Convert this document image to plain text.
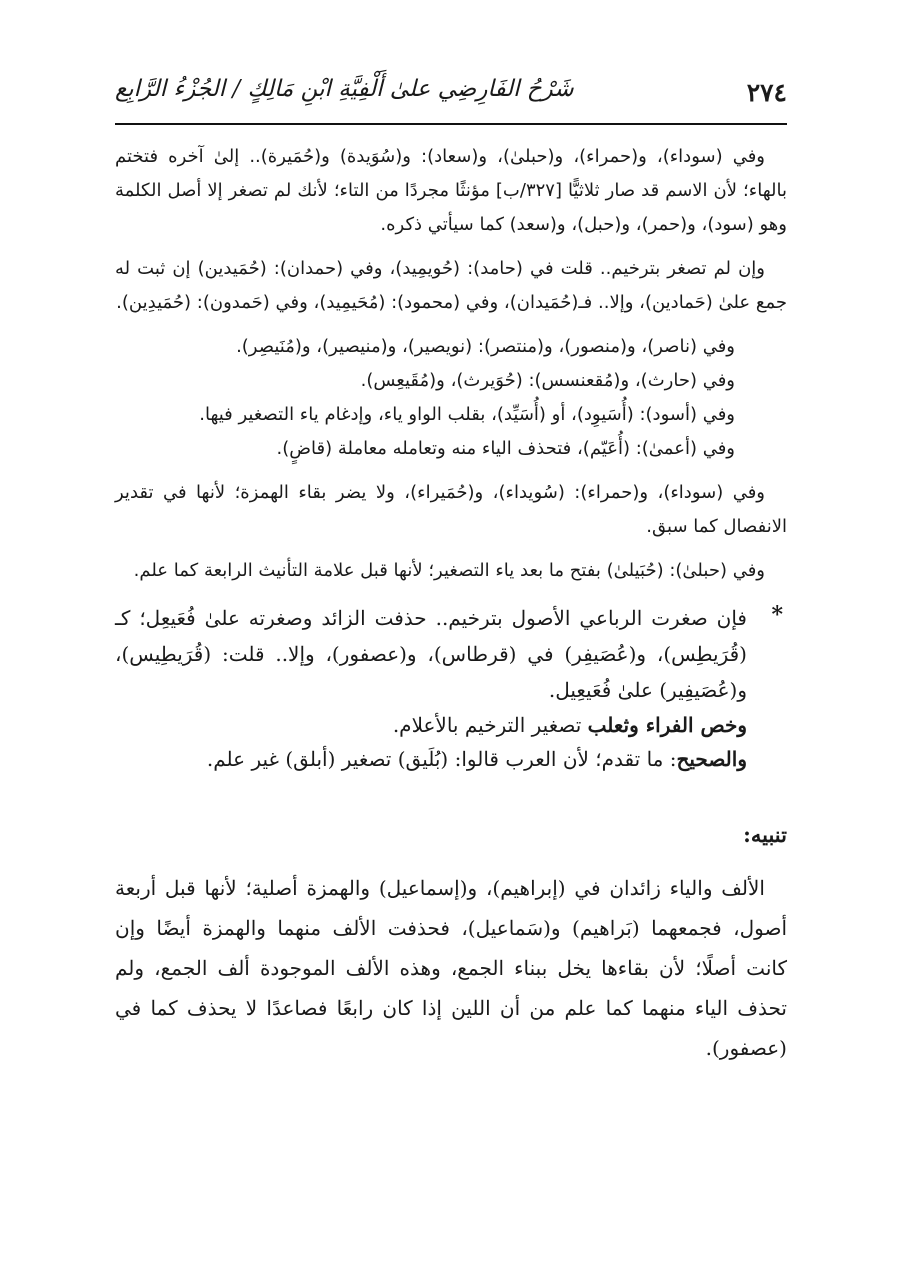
٢٧٤
شَرْحُ الفَارِضِي علىٰ أَلْفِيَّةِ ابْنِ مَالِكٍ / الجُزْءُ الرَّابِع

وفي (سوداء)، و(حمراء)، و(حبلىٰ)، و(سعاد): و(سُوَيدة) و(حُمَيرة).. إلىٰ آخره فتختم بالهاء؛ لأن الاسم قد صار ثلاثيًّا [٣٢٧/ب] مؤنثًا مجردًا من التاء؛ لأنك لم تصغر إلا أصل الكلمة وهو (سود)، و(حمر)، و(حبل)، و(سعد) كما سيأتي ذكره.

وإن لم تصغر بترخيم.. قلت في (حامد): (حُويمِيد)، وفي (حمدان): (حُمَيدين) إن ثبت له جمع علىٰ (حَمادين)، وإلا.. فـ(حُمَيدان)، وفي (محمود): (مُحَيمِيد)، وفي (حَمدون): (حُمَيدِين).

وفي (ناصر)، و(منصور)، و(منتصر): (نويصير)، و(منيصير)، و(مُنَيصِر).

وفي (حارث)، و(مُقعنسس): (حُوَيرث)، و(مُقَيعِس).

وفي (أسود): (أُسَيوِد)، أو (أُسَيِّد)، بقلب الواو ياء، وإدغام ياء التصغير فيها.

وفي (أعمىٰ): (أُعَيّم)، فتحذف الياء منه وتعامله معاملة (قاضٍ).

وفي (سوداء)، و(حمراء): (سُويداء)، و(حُمَيراء)، ولا يضر بقاء الهمزة؛ لأنها في تقدير الانفصال كما سبق.

وفي (حبلىٰ): (حُبَيلىٰ) بفتح ما بعد ياء التصغير؛ لأنها قبل علامة التأنيث الرابعة كما علم.

*

فإن صغرت الرباعي الأصول بترخيم.. حذفت الزائد وصغرته علىٰ فُعَيعِل؛ كـ (قُرَيطِس)، و(عُصَيفِر) في (قرطاس)، و(عصفور)، وإلا.. قلت: (قُرَيطِيس)، و(عُصَيفِير) علىٰ فُعَيعِيل.

وخص الفراء وثعلب تصغير الترخيم بالأعلام.

والصحيح: ما تقدم؛ لأن العرب قالوا: (بُلَيق) تصغير (أبلق) غير علم.

تنبيه:

الألف والياء زائدان في (إبراهيم)، و(إسماعيل) والهمزة أصلية؛ لأنها قبل أربعة أصول، فجمعهما (بَراهيم) و(سَماعيل)، فحذفت الألف منهما والهمزة أيضًا وإن كانت أصلًا؛ لأن بقاءها يخل ببناء الجمع، وهذه الألف الموجودة ألف الجمع، ولم تحذف الياء منهما كما علم من أن اللين إذا كان رابعًا فصاعدًا لا يحذف كما في (عصفور).
